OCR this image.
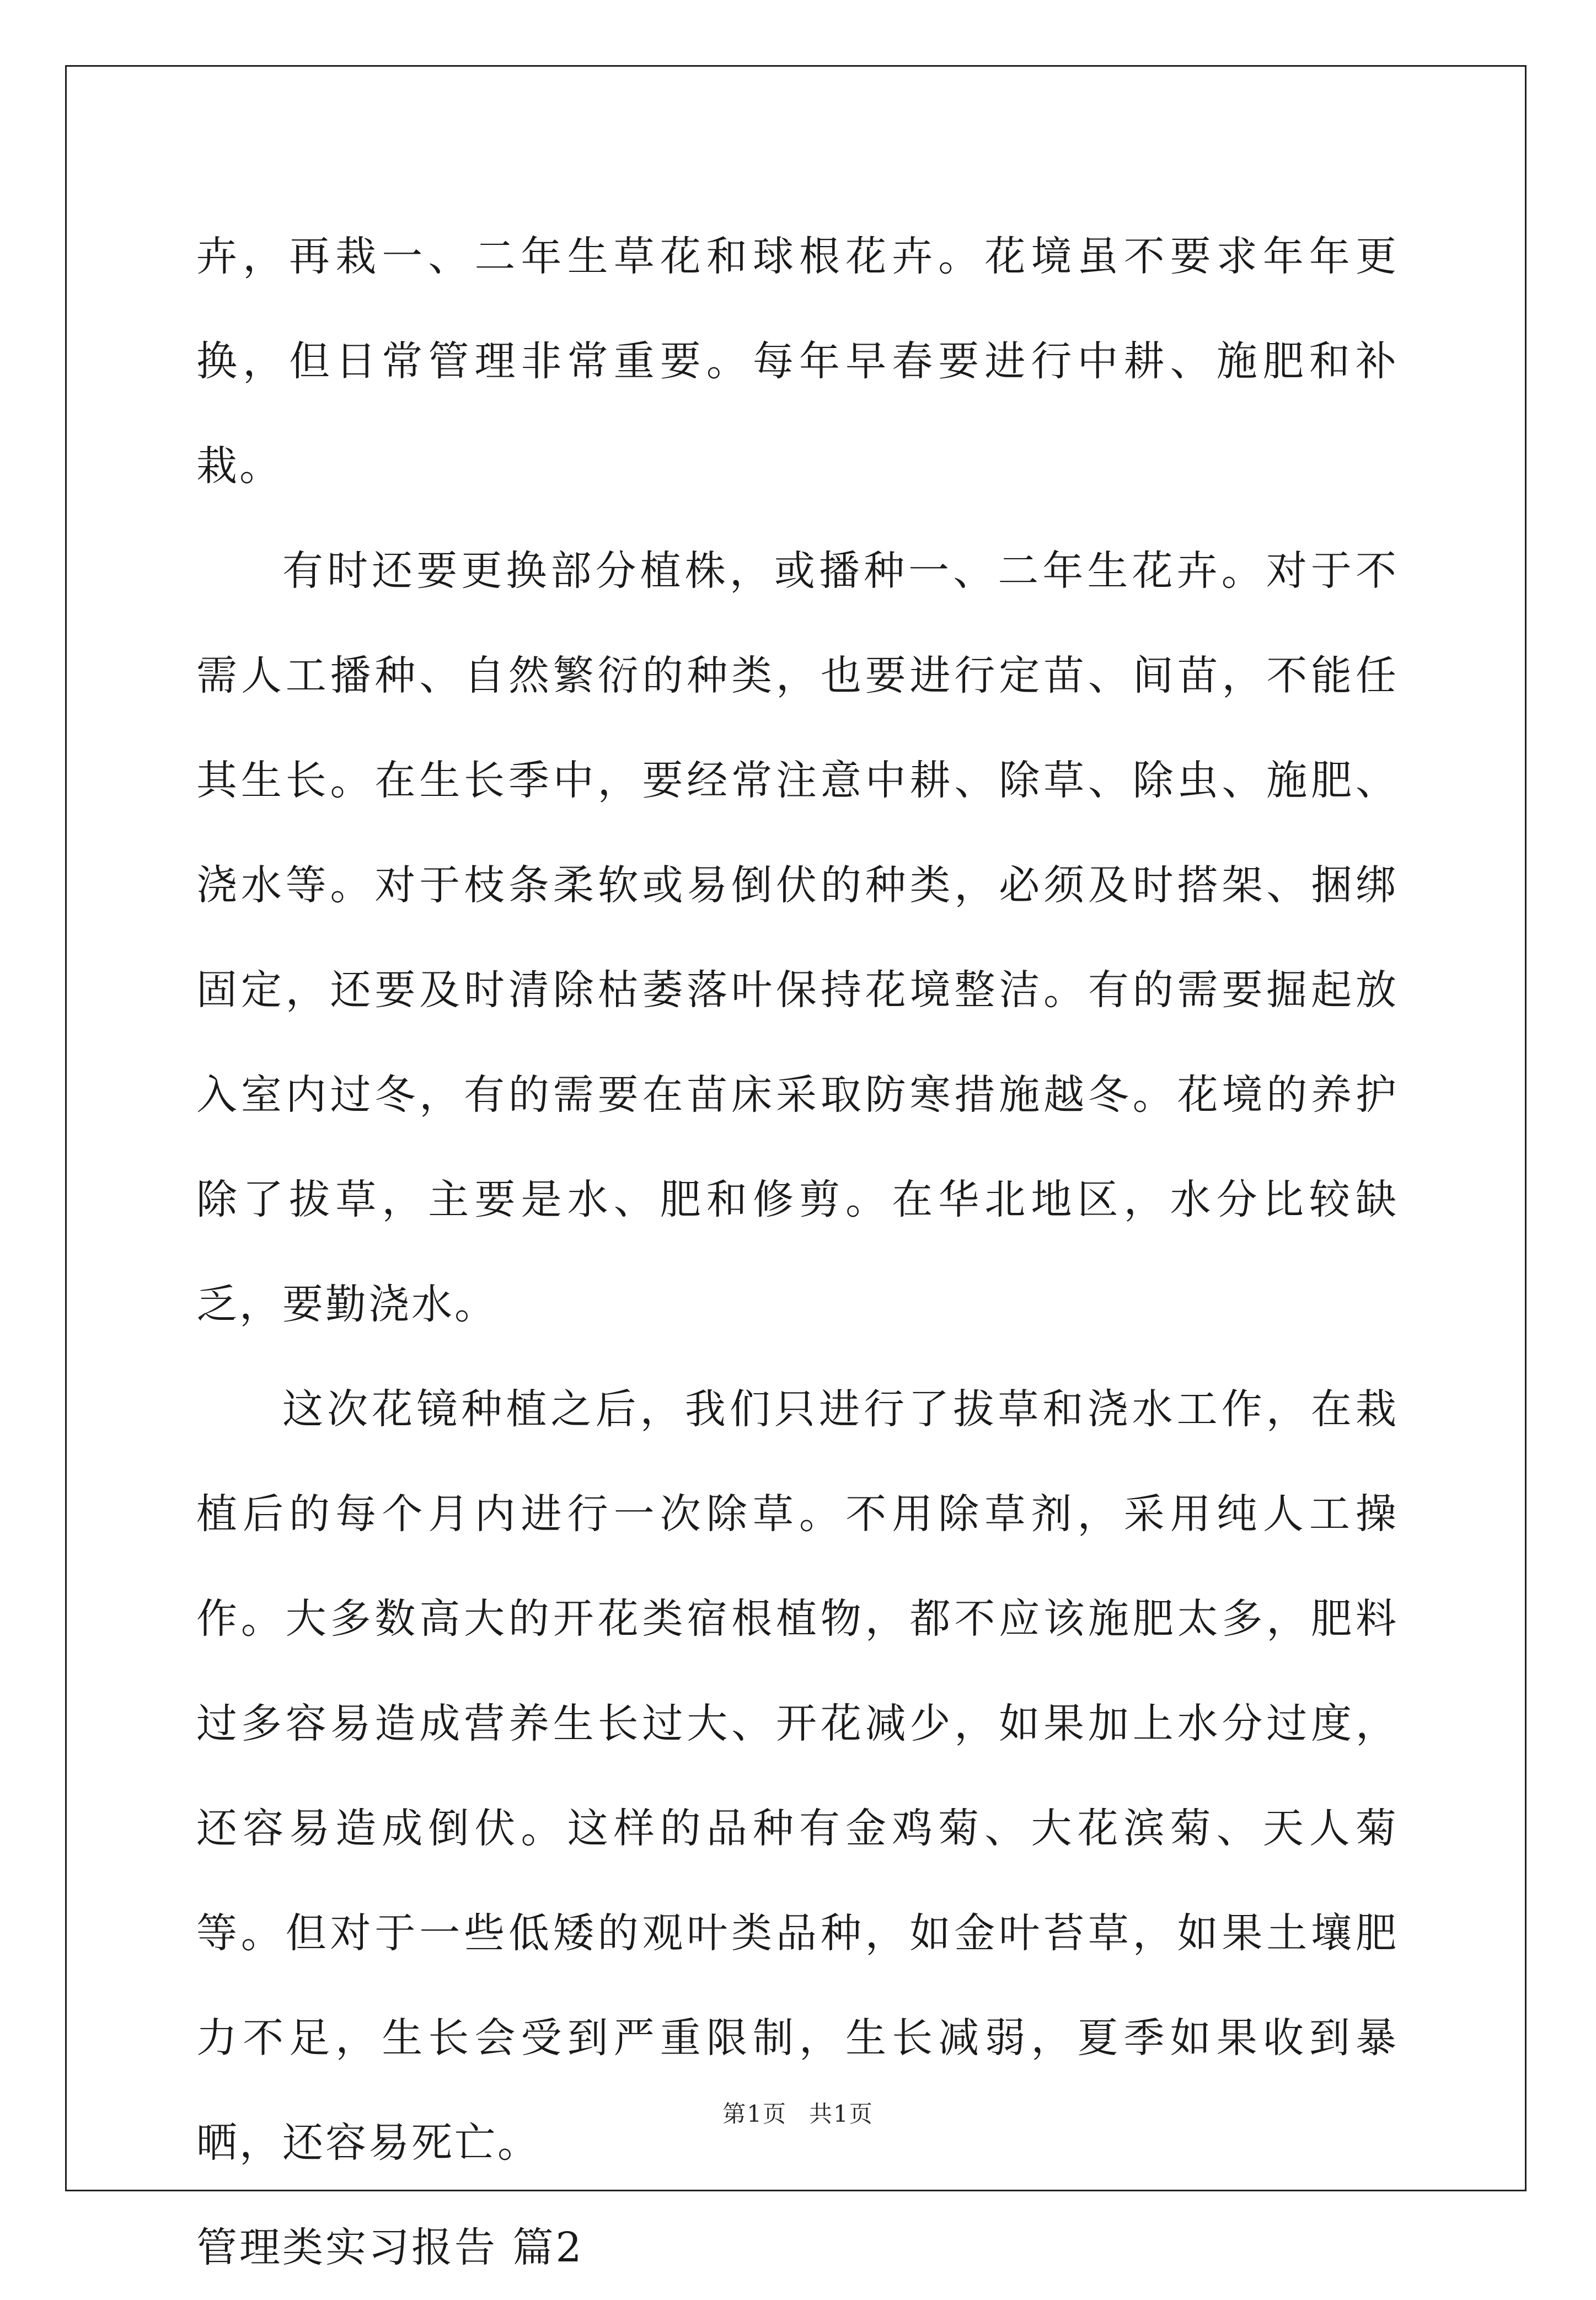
卉，再栽一、二年生草花和球根花卉。花境虽不要求年年更换，但日常管理非常重要。每年早春要进行中耕、施肥和补栽。

有时还要更换部分植株，或播种一、二年生花卉。对于不需人工播种、自然繁衍的种类，也要进行定苗、间苗，不能任其生长。在生长季中，要经常注意中耕、除草、除虫、施肥、浇水等。对于枝条柔软或易倒伏的种类，必须及时搭架、捆绑固定，还要及时清除枯萎落叶保持花境整洁。有的需要掘起放入室内过冬，有的需要在苗床采取防寒措施越冬。花境的养护除了拔草，主要是水、肥和修剪。在华北地区，水分比较缺乏，要勤浇水。

这次花镜种植之后，我们只进行了拔草和浇水工作，在栽植后的每个月内进行一次除草。不用除草剂，采用纯人工操作。大多数高大的开花类宿根植物，都不应该施肥太多，肥料过多容易造成营养生长过大、开花减少，如果加上水分过度，还容易造成倒伏。这样的品种有金鸡菊、大花滨菊、天人菊等。但对于一些低矮的观叶类品种，如金叶苔草，如果土壤肥力不足，生长会受到严重限制，生长减弱，夏季如果收到暴晒，还容易死亡。

管理类实习报告 篇2

第1页 共1页
